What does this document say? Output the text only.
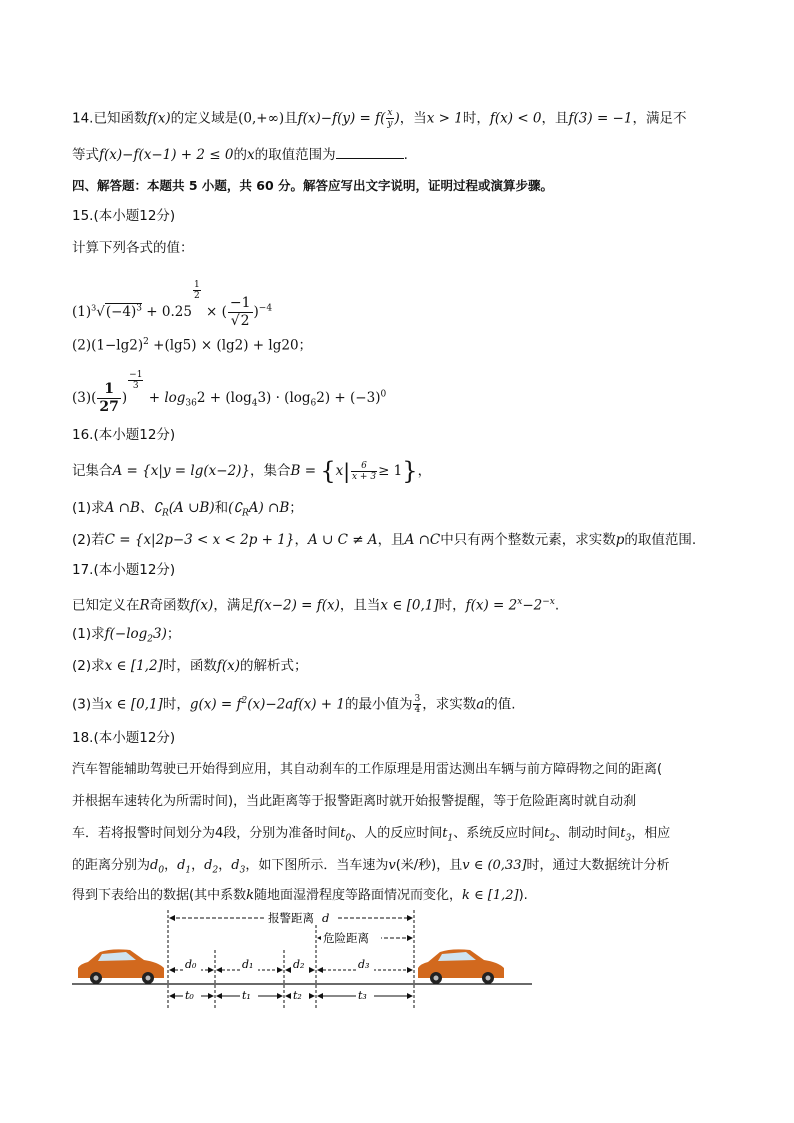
14.已知函数f(x)的定义域是(0,+∞)且$f(x)-f(y) = f( \frac{x}{y}$ )，当x > 1时，f(x) < 0，且f(3) = −1，满足不
等式f(x)−f(x−1) + 2 ≤ 0的x的取值范围为	.
四、解答题：本题共 5 小题，共 60 分。解答应写出文字说明，证明过程或演算步骤。
15.(本小题12分)
计算下列各式的值：
$(1)^3√(-4)^3 + 0.25$
$\frac{1}{2}$
× ( $\frac{-1}{√2} )^{-4}$
$(2)(1-\lg 2)^2 +(\lg 5) \times (\lg 2) + \lg 20$；
$(3)( \frac{1}{27}$ )
$\frac{-1}{3}$
+ $\log_{36}2 + (\log_43) \cdot (\log_62) + (-3)^0$
16.(本小题12分)
记集合A = {x|y = lg(x−2)}，集合$B = \{x| \frac{6}{x + 3} \ge 1\}$，
(1)求A ∩B、$∁_R(A$ ∪B)和$(∁_RA)$ ∩B；
(2)若C = {x|2p−3 < x < 2p + 1}，A ∪ C ≠ A，且A ∩C中只有两个整数元素，求实数p的取值范围.
17.(本小题12分)
已知定义在R奇函数f(x)，满足f(x−2) = f(x)，且当x ∈ [0,1]时，$f(x) = 2^x-2^{-x}$.
(1)求$f(-\log_23)$；
(2)求x ∈ [1,2]时，函数f(x)的解析式；
(3)当x ∈ [0,1]时，$g(x) = f^2(x)-2af(x) + 1$的最小值为 $\frac{3}{4}$ ，求实数a的值.
18.(本小题12分)
汽车智能辅助驾驶已开始得到应用，其自动刹车的工作原理是用雷达测出车辆与前方障碍物之间的距离(
并根据车速转化为所需时间)，当此距离等于报警距离时就开始报警提醒，等于危险距离时就自动刹
车．若将报警时间划分为4段，分别为准备时间$t_0$、人的反应时间$t_1$、系统反应时间$t_2$、制动时间$t_3$，相应
的距离分别为$d_0$，$d_1$，$d_2$，$d_3$，如下图所示．当车速为v(米/秒)，且v ∈ (0,33]时，通过大数据统计分析
得到下表给出的数据(其中系数k随地面湿滑程度等路面情况而变化，k ∈ [1,2]).
报警距离 d
危险距离
d₀	d₁	d₂	d₃
t₀	t₁	t₂	t₃
